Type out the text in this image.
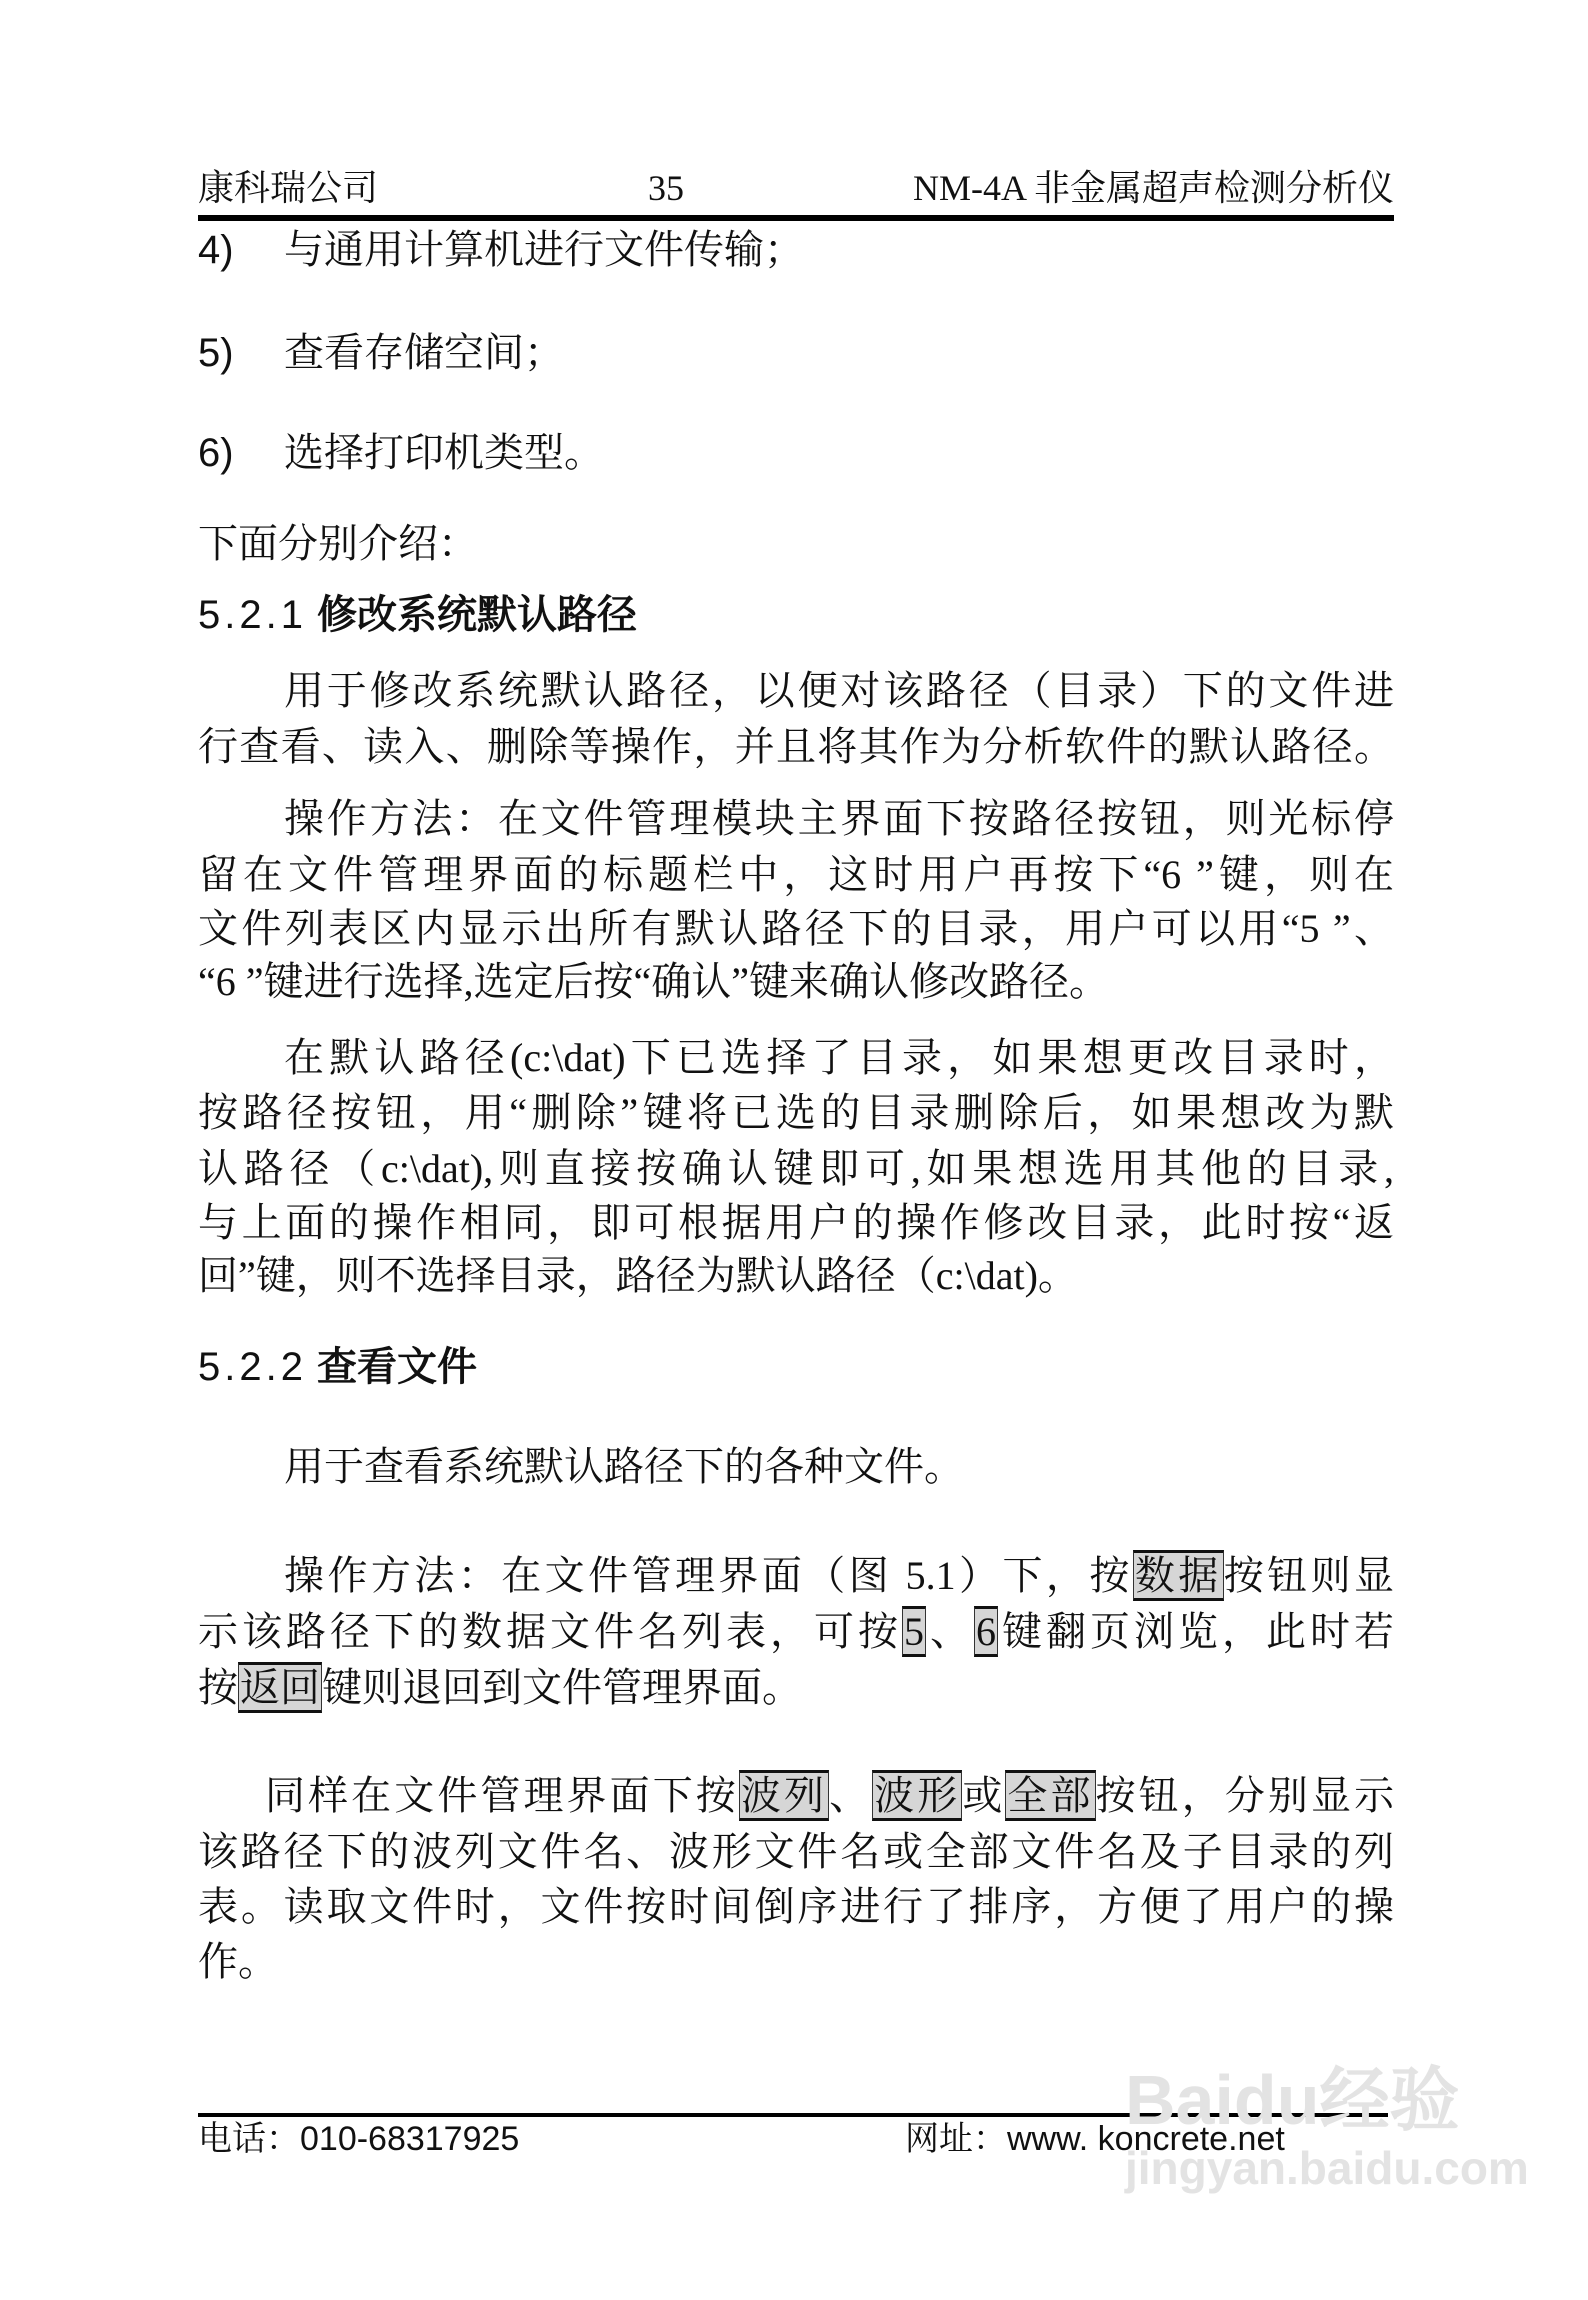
康科瑞公司	35	NM-4A 非金属超声检测分析仪
4) 与通用计算机进行文件传输；
5) 查看存储空间；
6) 选择打印机类型。
下面分别介绍：
5.2.1 修改系统默认路径
用于修改系统默认路径，以便对该路径（目录）下的文件进
行查看、读入、删除等操作，并且将其作为分析软件的默认路径。
操作方法：在文件管理模块主界面下按路径按钮，则光标停
留在文件管理界面的标题栏中，这时用户再按下“6 ”键，则在
文件列表区内显示出所有默认路径下的目录，用户可以用“5 ”、
“6 ”键进行选择,选定后按“确认”键来确认修改路径。
在默认路径(c:\dat)下已选择了目录，如果想更改目录时，
按路径按钮，用“删除”键将已选的目录删除后，如果想改为默
认路径（c:\dat),则直接按确认键即可,如果想选用其他的目录,
与上面的操作相同，即可根据用户的操作修改目录，此时按“返
回”键，则不选择目录，路径为默认路径（c:\dat)。
5.2.2 查看文件
用于查看系统默认路径下的各种文件。
操作方法：在文件管理界面（图 5.1）下，按数据按钮则显
示该路径下的数据文件名列表，可按5、6键翻页浏览，此时若
按返回键则退回到文件管理界面。
同样在文件管理界面下按波列、波形或全部按钮，分别显示
该路径下的波列文件名、波形文件名或全部文件名及子目录的列
表。读取文件时，文件按时间倒序进行了排序，方便了用户的操
作。
电话：010-68317925	网址：www. koncrete.net
Baidu经验
jingyan.baidu.com
